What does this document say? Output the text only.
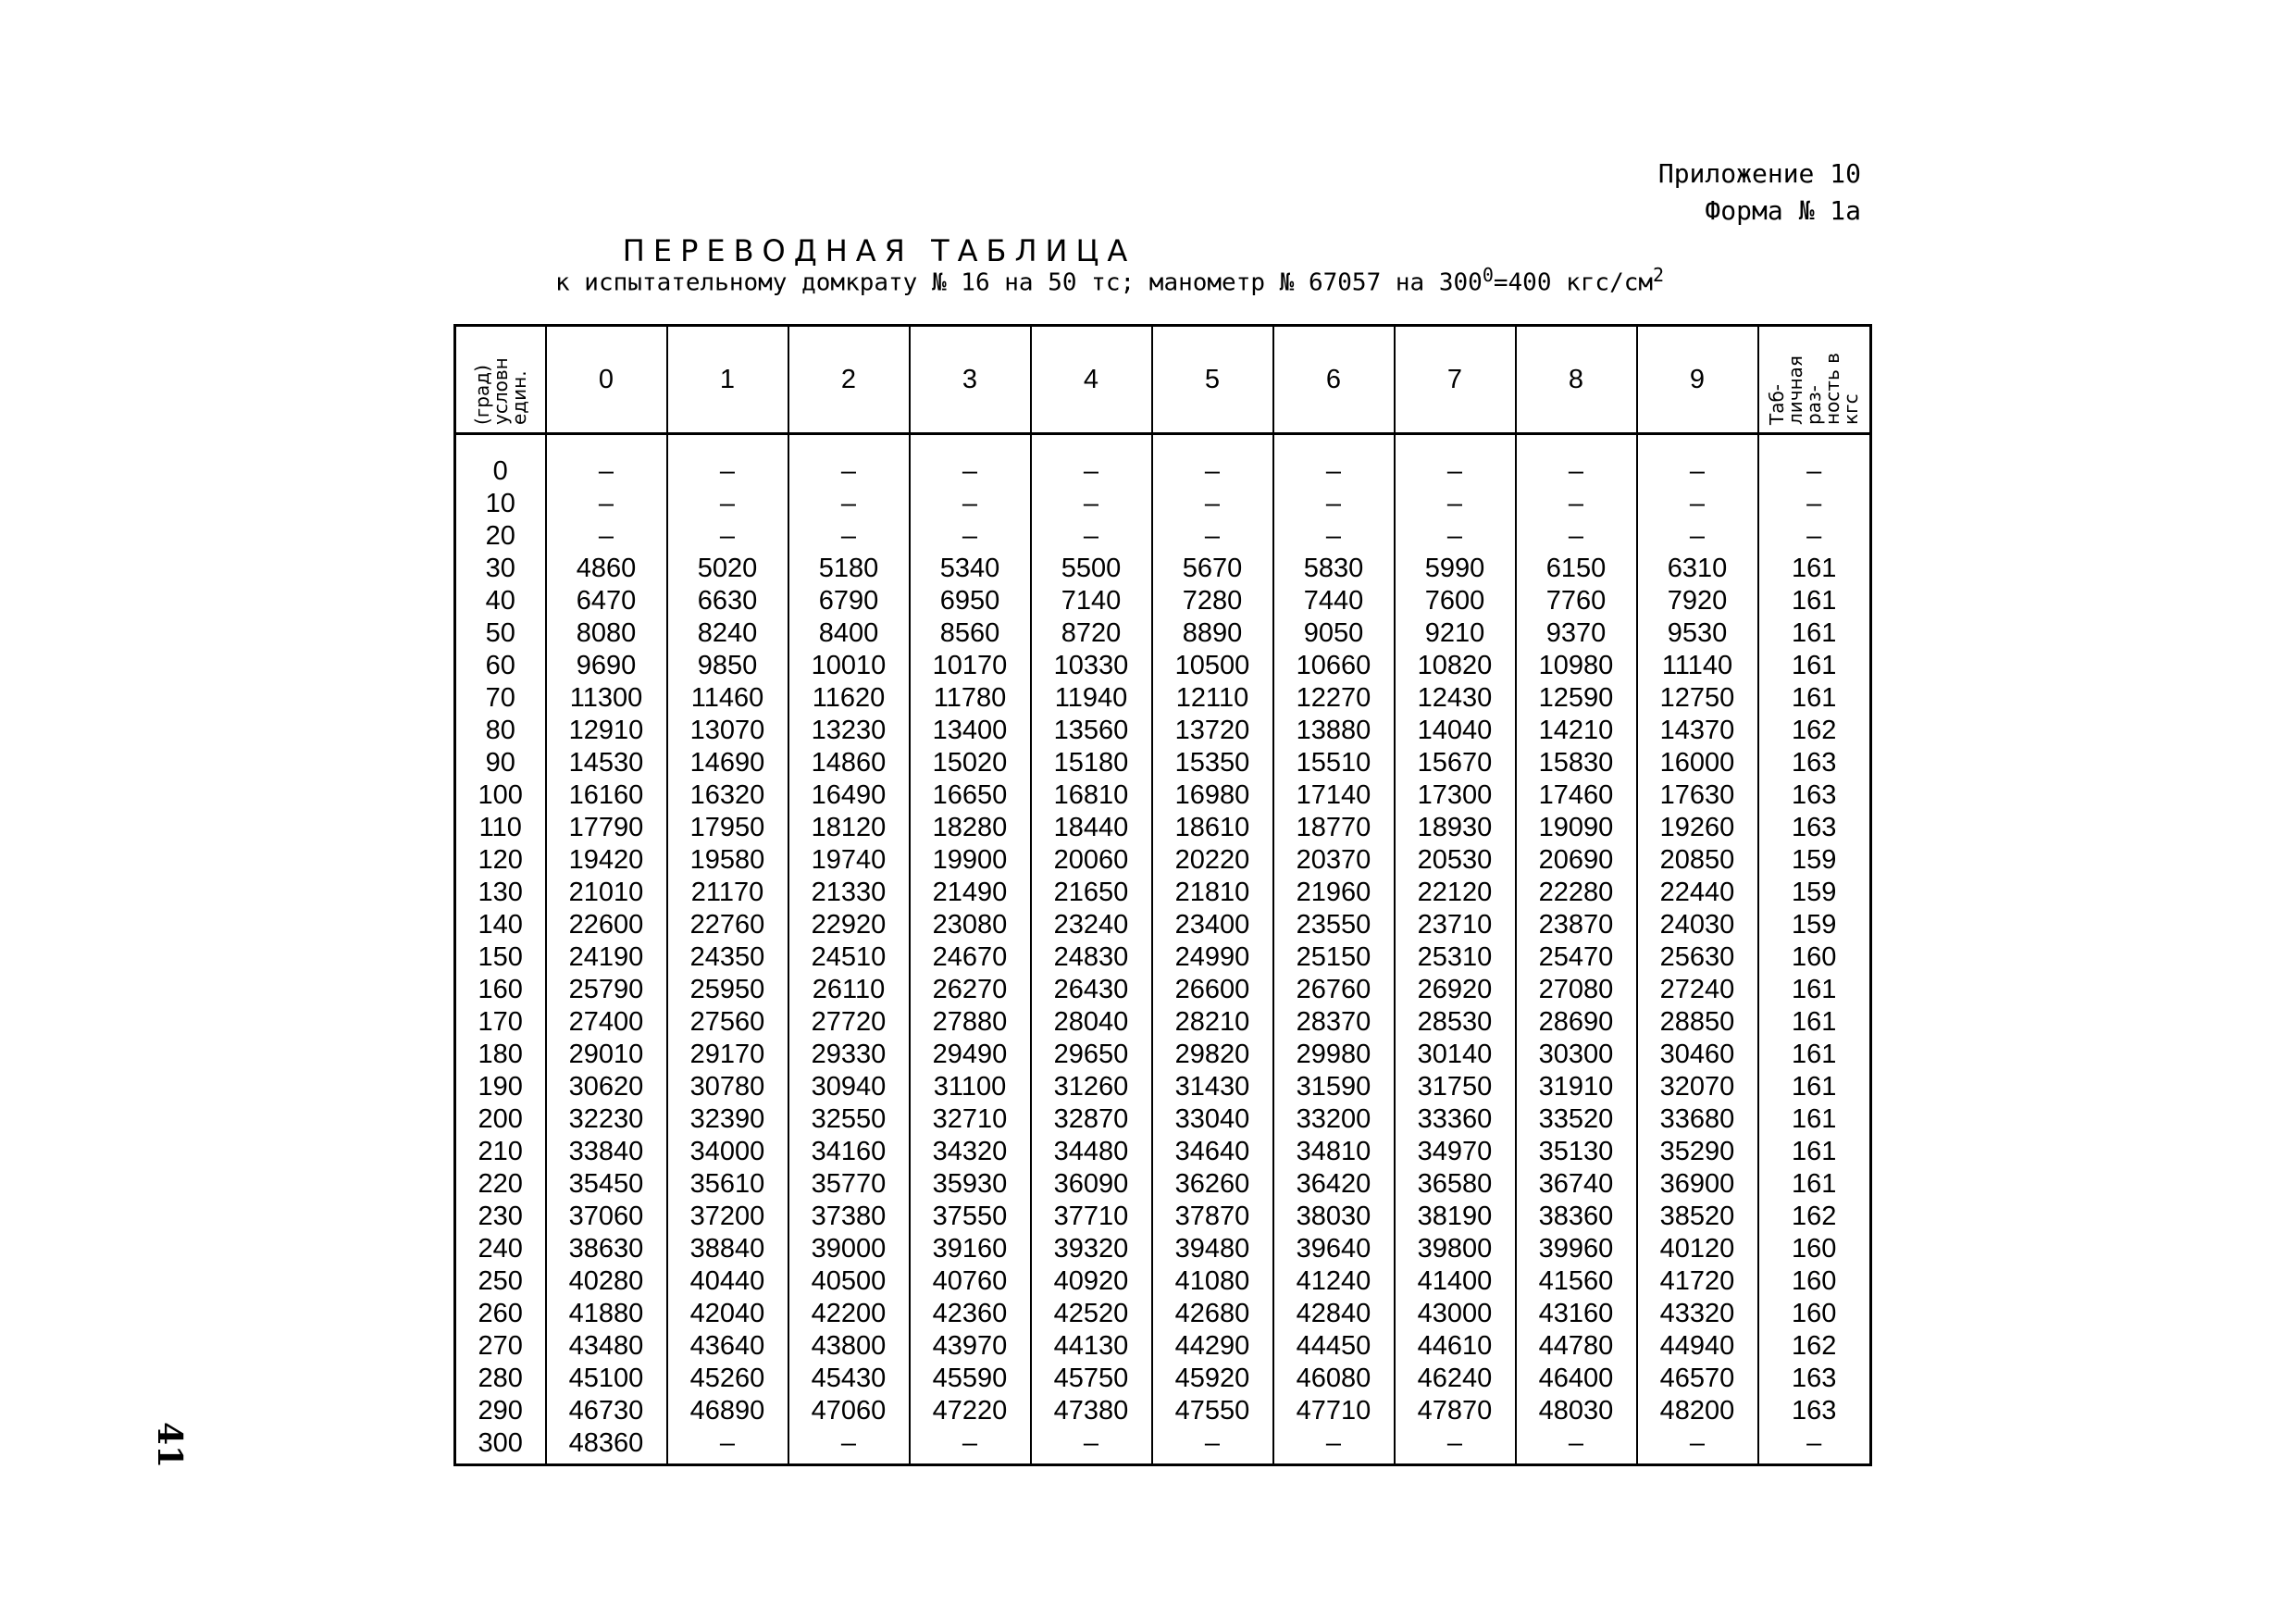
Приложение 10
Форма № 1а
ПЕРЕВОДНАЯ ТАБЛИЦА
к испытательному домкрату № 16 на 50 тс; манометр № 67057 на $300^0=400$ кгс/$см^2$
41
(град) условн един.	0	1	2	3	4	5	6	7	8	9	Таб- личная раз- ность в кгс
0	–	–	–	–	–	–	–	–	–	–	–
10	–	–	–	–	–	–	–	–	–	–	–
20	–	–	–	–	–	–	–	–	–	–	–
30	4860	5020	5180	5340	5500	5670	5830	5990	6150	6310	161
40	6470	6630	6790	6950	7140	7280	7440	7600	7760	7920	161
50	8080	8240	8400	8560	8720	8890	9050	9210	9370	9530	161
60	9690	9850	10010	10170	10330	10500	10660	10820	10980	11140	161
70	11300	11460	11620	11780	11940	12110	12270	12430	12590	12750	161
80	12910	13070	13230	13400	13560	13720	13880	14040	14210	14370	162
90	14530	14690	14860	15020	15180	15350	15510	15670	15830	16000	163
100	16160	16320	16490	16650	16810	16980	17140	17300	17460	17630	163
110	17790	17950	18120	18280	18440	18610	18770	18930	19090	19260	163
120	19420	19580	19740	19900	20060	20220	20370	20530	20690	20850	159
130	21010	21170	21330	21490	21650	21810	21960	22120	22280	22440	159
140	22600	22760	22920	23080	23240	23400	23550	23710	23870	24030	159
150	24190	24350	24510	24670	24830	24990	25150	25310	25470	25630	160
160	25790	25950	26110	26270	26430	26600	26760	26920	27080	27240	161
170	27400	27560	27720	27880	28040	28210	28370	28530	28690	28850	161
180	29010	29170	29330	29490	29650	29820	29980	30140	30300	30460	161
190	30620	30780	30940	31100	31260	31430	31590	31750	31910	32070	161
200	32230	32390	32550	32710	32870	33040	33200	33360	33520	33680	161
210	33840	34000	34160	34320	34480	34640	34810	34970	35130	35290	161
220	35450	35610	35770	35930	36090	36260	36420	36580	36740	36900	161
230	37060	37200	37380	37550	37710	37870	38030	38190	38360	38520	162
240	38630	38840	39000	39160	39320	39480	39640	39800	39960	40120	160
250	40280	40440	40500	40760	40920	41080	41240	41400	41560	41720	160
260	41880	42040	42200	42360	42520	42680	42840	43000	43160	43320	160
270	43480	43640	43800	43970	44130	44290	44450	44610	44780	44940	162
280	45100	45260	45430	45590	45750	45920	46080	46240	46400	46570	163
290	46730	46890	47060	47220	47380	47550	47710	47870	48030	48200	163
300	48360	–	–	–	–	–	–	–	–	–	–
